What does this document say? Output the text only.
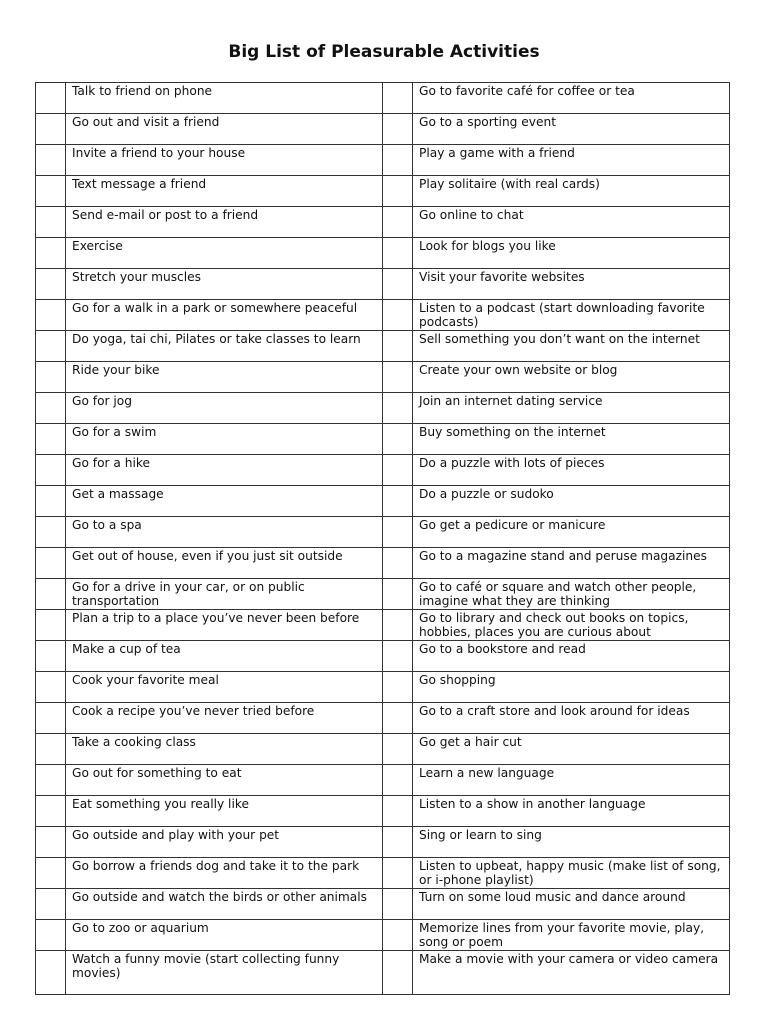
Big List of Pleasurable Activities

	Talk to friend on phone		Go to favorite café for coffee or tea

	Go out and visit a friend		Go to a sporting event

	Invite a friend to your house		Play a game with a friend

	Text message a friend		Play solitaire (with real cards)

	Send e-mail or post to a friend		Go online to chat

	Exercise		Look for blogs you like

	Stretch your muscles		Visit your favorite websites

	Go for a walk in a park or somewhere peaceful		Listen to a podcast (start downloading favorite podcasts)

	Do yoga, tai chi, Pilates or take classes to learn		Sell something you don’t want on the internet

	Ride your bike		Create your own website or blog

	Go for jog		Join an internet dating service

	Go for a swim		Buy something on the internet

	Go for a hike		Do a puzzle with lots of pieces

	Get a massage		Do a puzzle or sudoko

	Go to a spa		Go get a pedicure or manicure

	Get out of house, even if you just sit outside		Go to a magazine stand and peruse magazines

	Go for a drive in your car, or on public transportation		Go to café or square and watch other people, imagine what they are thinking

	Plan a trip to a place you’ve never been before		Go to library and check out books on topics, hobbies, places you are curious about

	Make a cup of tea		Go to a bookstore and read

	Cook your favorite meal		Go shopping

	Cook a recipe you’ve never tried before		Go to a craft store and look around for ideas

	Take a cooking class		Go get a hair cut

	Go out for something to eat		Learn a new language

	Eat something you really like		Listen to a show in another language

	Go outside and play with your pet		Sing or learn to sing

	Go borrow a friends dog and take it to the park		Listen to upbeat, happy music (make list of song, or i-phone playlist)

	Go outside and watch the birds or other animals		Turn on some loud music and dance around

	Go to zoo or aquarium		Memorize lines from your favorite movie, play, song or poem

	Watch a funny movie (start collecting funny movies)		Make a movie with your camera or video camera
